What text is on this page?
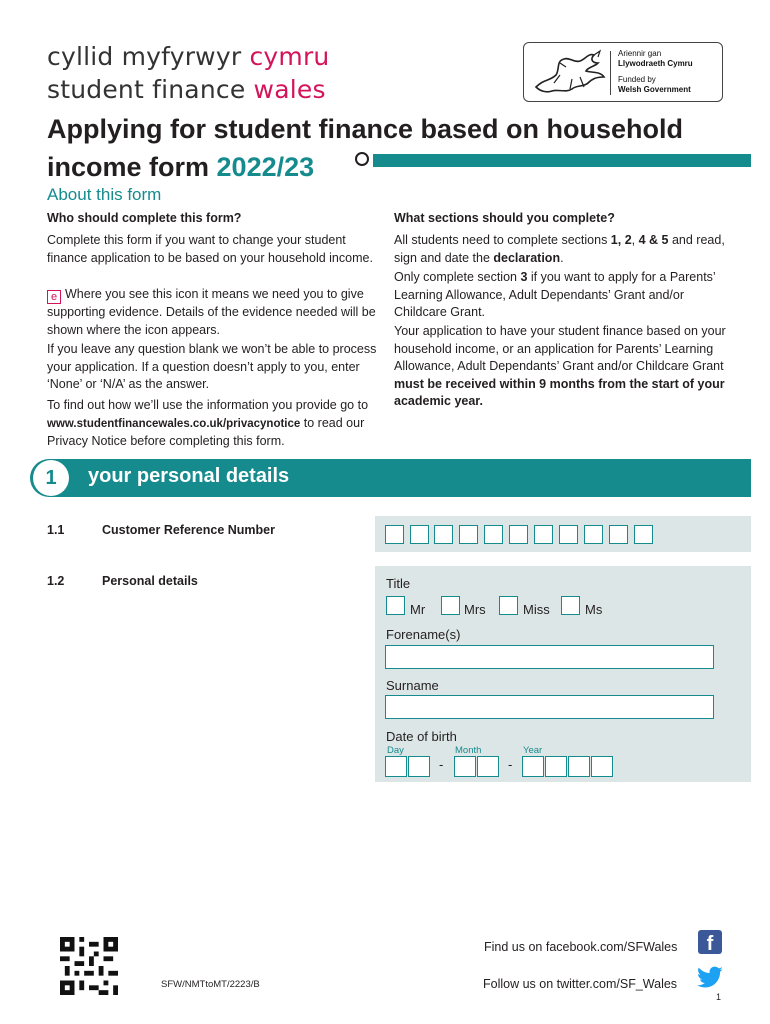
cyllid myfyrwyr cymru
student finance wales
Ariennir gan
Llywodraeth Cymru
Funded by
Welsh Government
Applying for student finance based on household
income form 2022/23
About this form
Who should complete this form?
Complete this form if you want to change your student finance application to be based on your household income.
e Where you see this icon it means we need you to give supporting evidence. Details of the evidence needed will be shown where the icon appears.
If you leave any question blank we won’t be able to process your application. If a question doesn’t apply to you, enter ‘None’ or ‘N/A’ as the answer.
To find out how we’ll use the information you provide go to www.studentfinancewales.co.uk/privacynotice to read our Privacy Notice before completing this form.
What sections should you complete?
All students need to complete sections 1, 2, 4 & 5 and read, sign and date the declaration.
Only complete section 3 if you want to apply for a Parents’ Learning Allowance, Adult Dependants’ Grant and/or Childcare Grant.
Your application to have your student finance based on your household income, or an application for Parents’ Learning Allowance, Adult Dependants’ Grant and/or Childcare Grant must be received within 9 months from the start of your academic year.
1	your personal details
1.1	Customer Reference Number
1.2	Personal details	Title
Mr	Mrs	Miss	Ms
Forename(s)
Surname
Date of birth
Day	Month	Year
-	-
SFW/NMTtoMT/2223/B
Find us on facebook.com/SFWales	f
Follow us on twitter.com/SF_Wales
1
